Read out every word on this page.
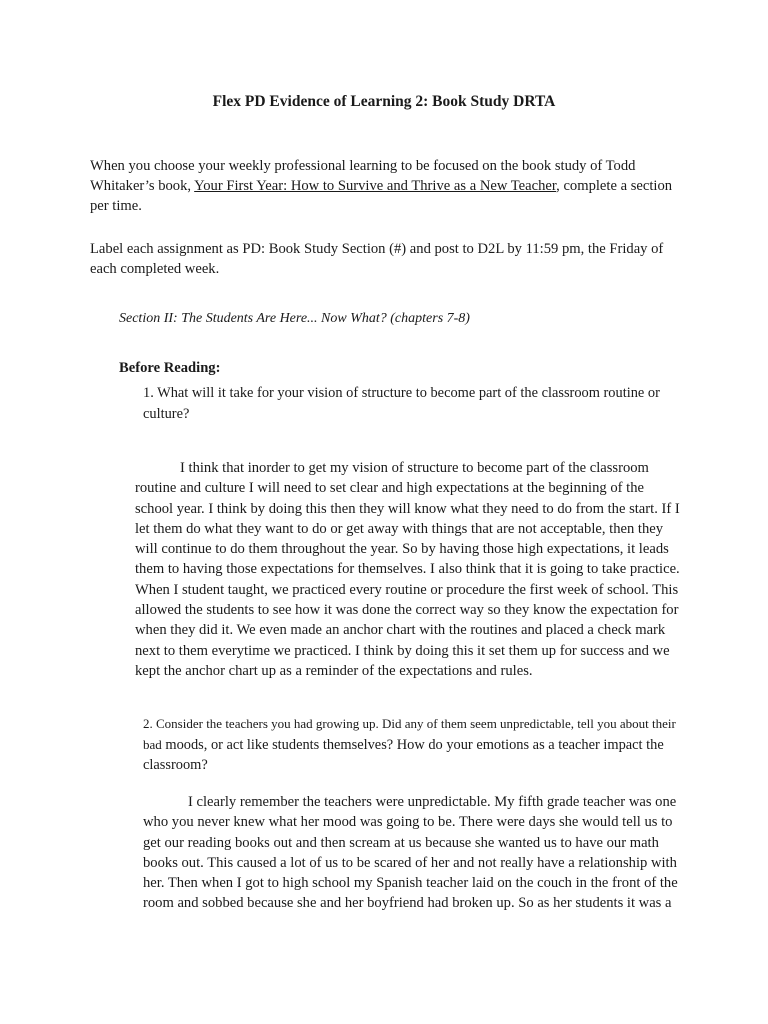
Flex PD Evidence of Learning 2: Book Study DRTA
When you choose your weekly professional learning to be focused on the book study of Todd Whitaker’s book, Your First Year: How to Survive and Thrive as a New Teacher, complete a section per time.
Label each assignment as PD: Book Study Section (#) and post to D2L by 11:59 pm, the Friday of each completed week.
Section II: The Students Are Here... Now What? (chapters 7-8)
Before Reading:
1. What will it take for your vision of structure to become part of the classroom routine or culture?
I think that inorder to get my vision of structure to become part of the classroom routine and culture I will need to set clear and high expectations at the beginning of the school year. I think by doing this then they will know what they need to do from the start. If I let them do what they want to do or get away with things that are not acceptable, then they will continue to do them throughout the year. So by having those high expectations, it leads them to having those expectations for themselves. I also think that it is going to take practice. When I student taught, we practiced every routine or procedure the first week of school. This allowed the students to see how it was done the correct way so they know the expectation for when they did it. We even made an anchor chart with the routines and placed a check mark next to them everytime we practiced. I think by doing this it set them up for success and we kept the anchor chart up as a reminder of the expectations and rules.
2. Consider the teachers you had growing up. Did any of them seem unpredictable, tell you about their bad moods, or act like students themselves? How do your emotions as a teacher impact the classroom?
I clearly remember the teachers were unpredictable. My fifth grade teacher was one who you never knew what her mood was going to be. There were days she would tell us to get our reading books out and then scream at us because she wanted us to have our math books out. This caused a lot of us to be scared of her and not really have a relationship with her. Then when I got to high school my Spanish teacher laid on the couch in the front of the room and sobbed because she and her boyfriend had broken up. So as her students it was a
